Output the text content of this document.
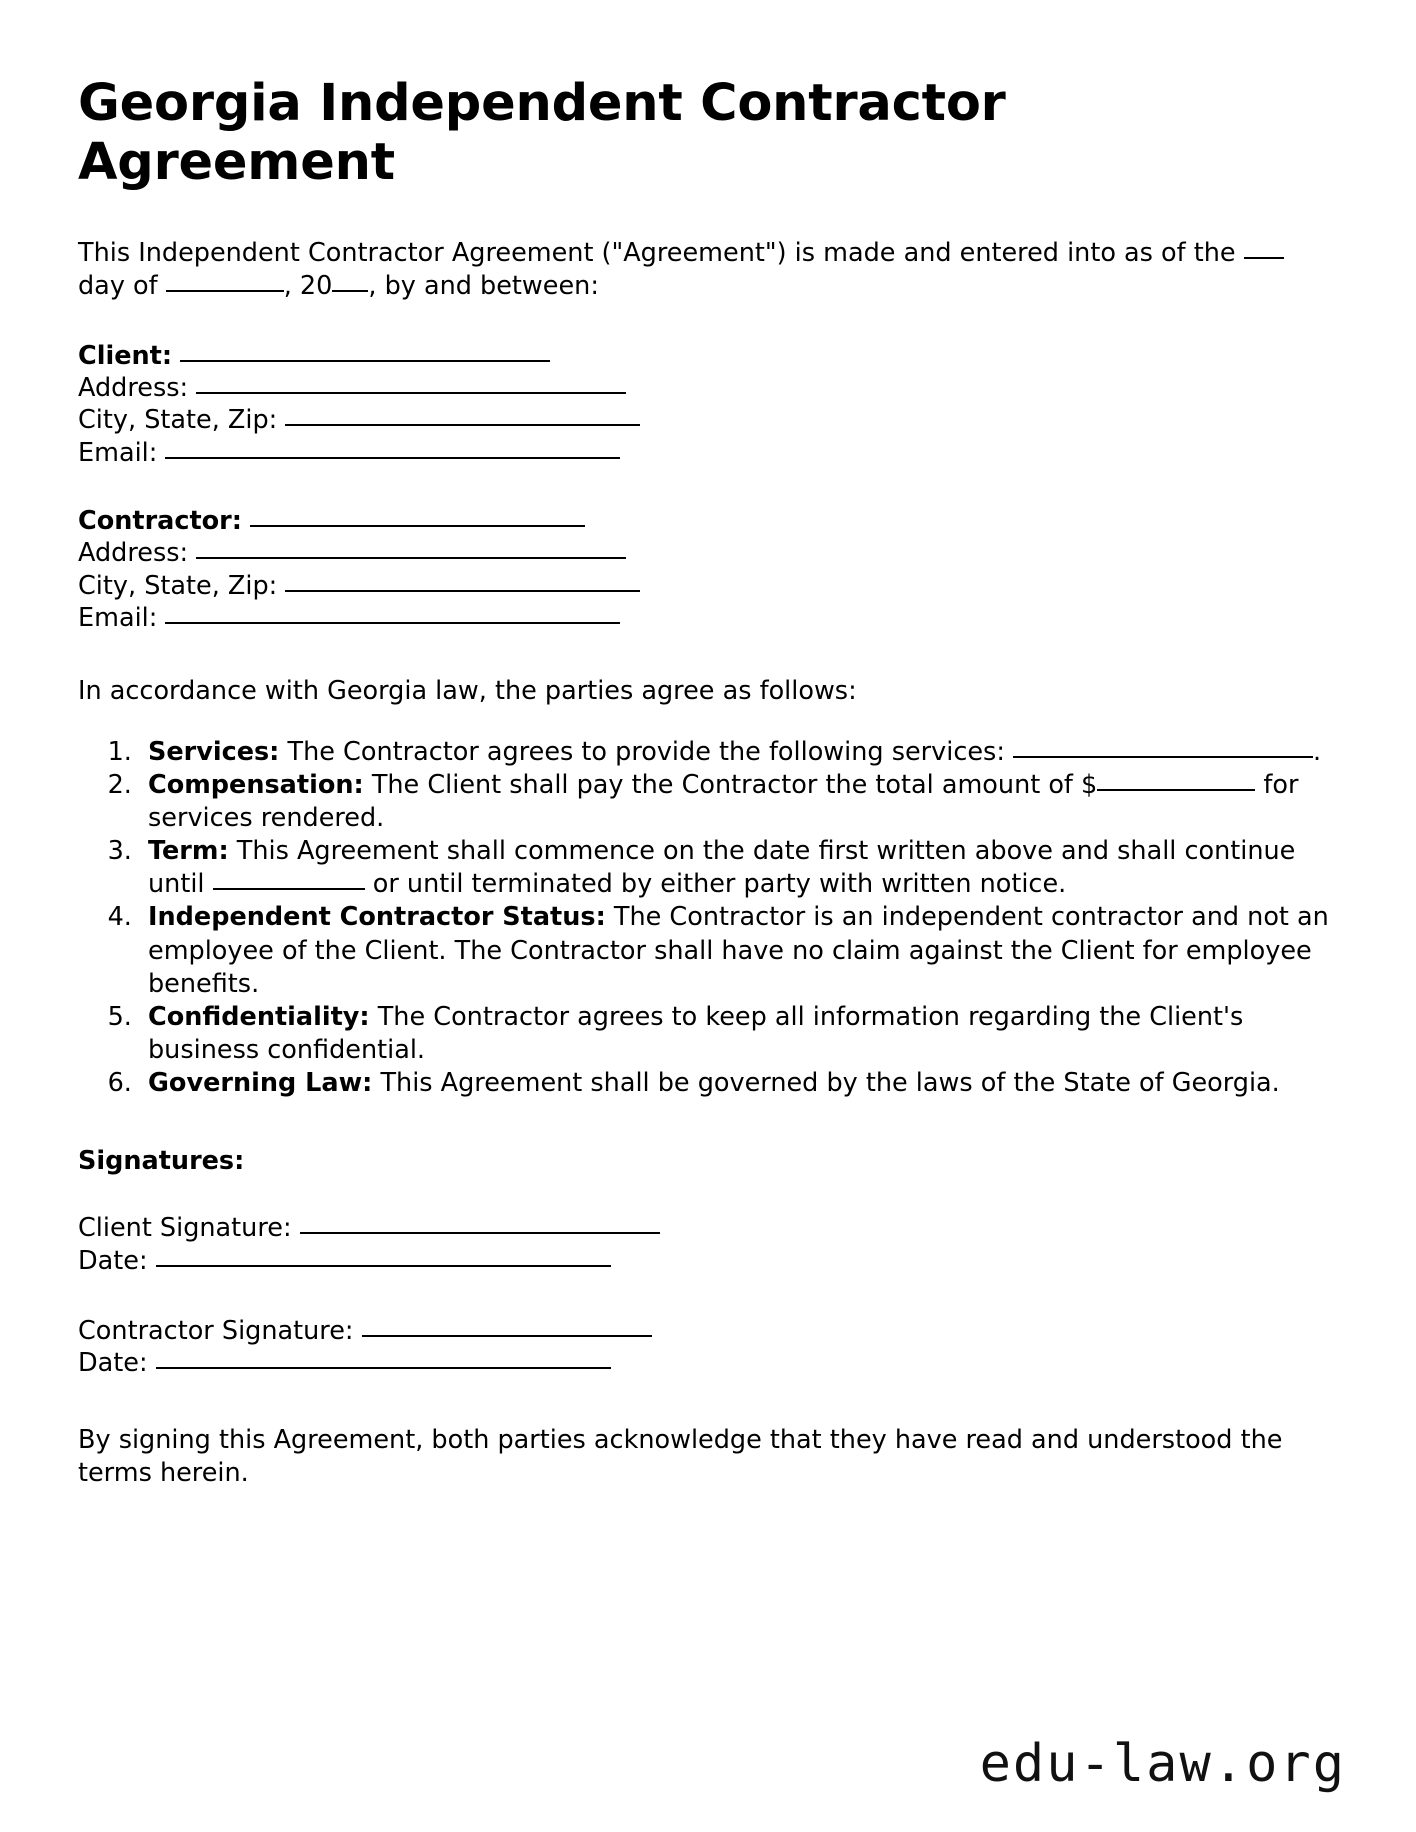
Georgia Independent Contractor Agreement

This Independent Contractor Agreement ("Agreement") is made and entered into as of the  day of	, 20 , by and between:

Client:
Address:
City, State, Zip:
Email:
Contractor:
Address:
City, State, Zip:
Email:

In accordance with Georgia law, the parties agree as follows:

1. Services: The Contractor agrees to provide the following services:	.
2. Compensation: The Client shall pay the Contractor the total amount of $	for services rendered.
3. Term: This Agreement shall commence on the date first written above and shall continue until	or until terminated by either party with written notice.
4. Independent Contractor Status: The Contractor is an independent contractor and not an employee of the Client. The Contractor shall have no claim against the Client for employee benefits.
5. Confidentiality: The Contractor agrees to keep all information regarding the Client's business confidential.
6. Governing Law: This Agreement shall be governed by the laws of the State of Georgia.
Signatures:
Client Signature:
Date:
Contractor Signature:
Date:

By signing this Agreement, both parties acknowledge that they have read and understood the terms herein.

edu-law.org
